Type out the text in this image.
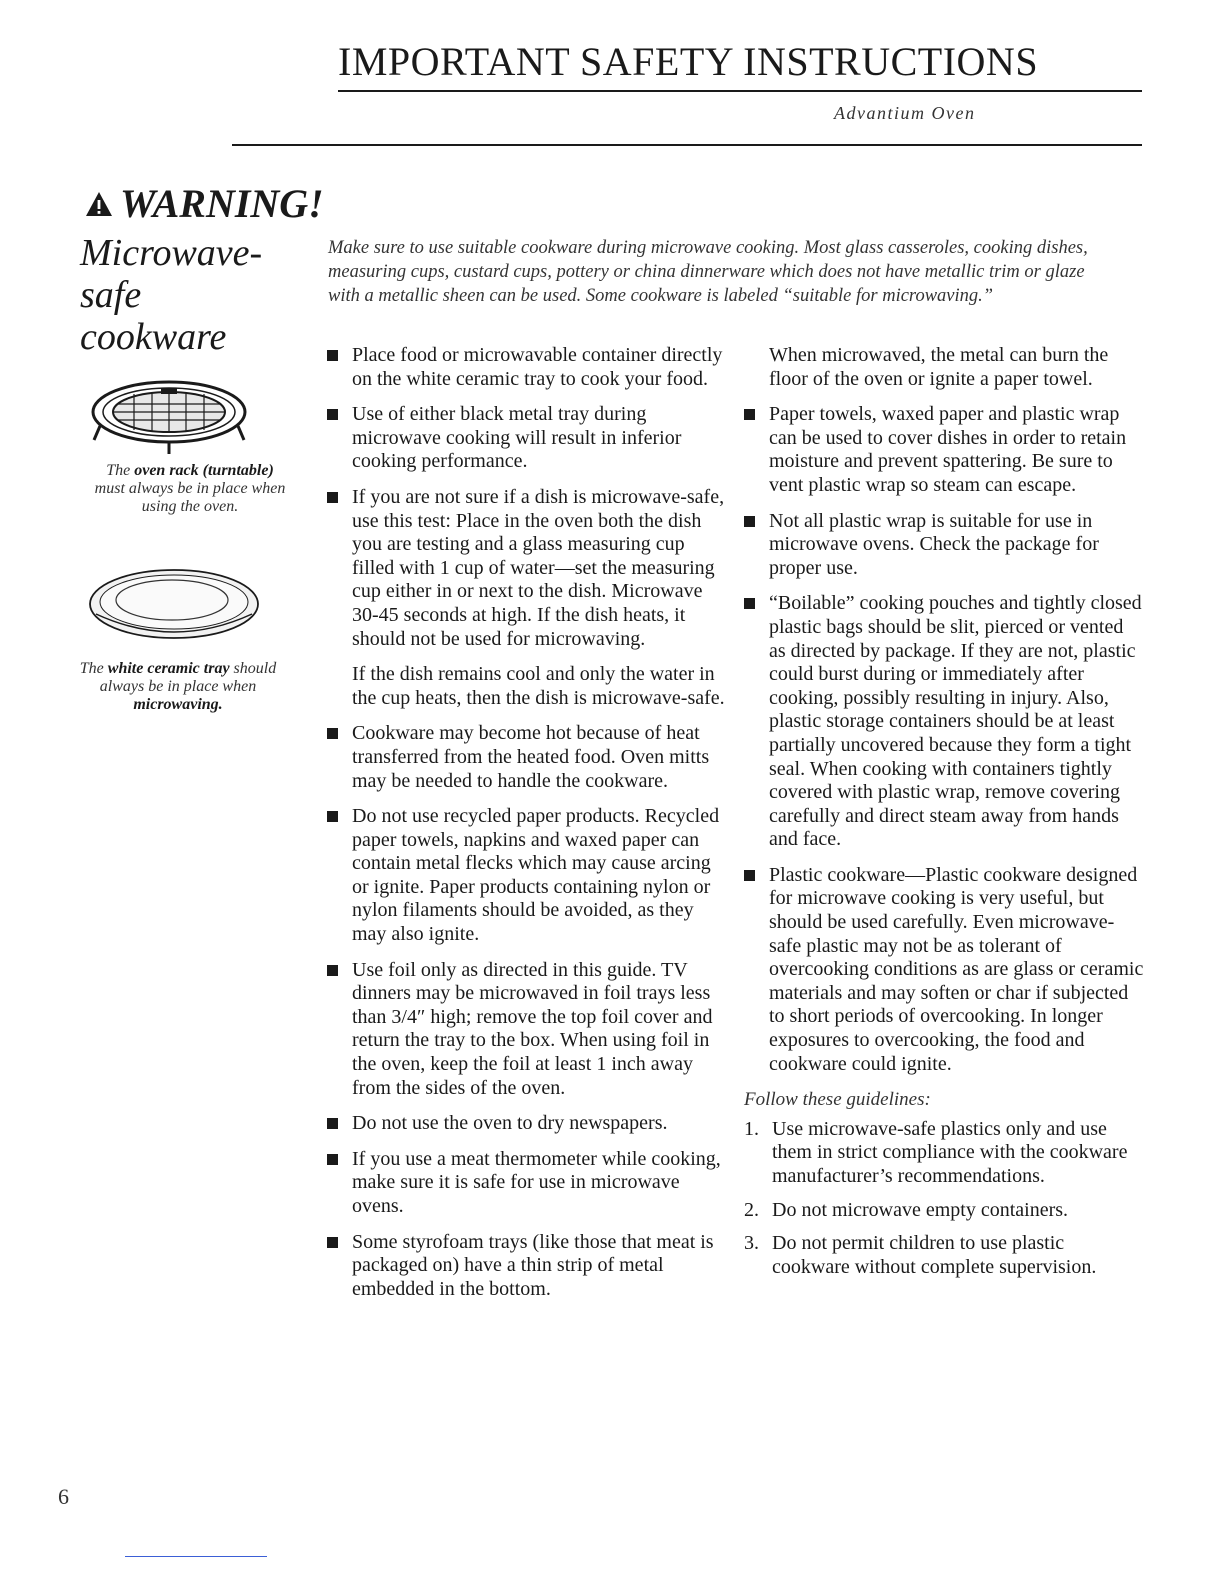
IMPORTANT SAFETY INSTRUCTIONS
Advantium Oven
WARNING!
Microwave-
safe
cookware
The oven rack (turntable) must always be in place when using the oven.
The white ceramic tray should always be in place when microwaving.

Make sure to use suitable cookware during microwave cooking. Most glass casseroles, cooking dishes, measuring cups, custard cups, pottery or china dinnerware which does not have metallic trim or glaze with a metallic sheen can be used. Some cookware is labeled “suitable for microwaving.”

Place food or microwavable container directly on the white ceramic tray to cook your food.

Use of either black metal tray during microwave cooking will result in inferior cooking performance.

If you are not sure if a dish is microwave-safe, use this test: Place in the oven both the dish you are testing and a glass measuring cup filled with 1 cup of water—set the measuring cup either in or next to the dish. Microwave 30-45 seconds at high. If the dish heats, it should not be used for microwaving.

If the dish remains cool and only the water in the cup heats, then the dish is microwave-safe.

Cookware may become hot because of heat transferred from the heated food. Oven mitts may be needed to handle the cookware.

Do not use recycled paper products. Recycled paper towels, napkins and waxed paper can contain metal flecks which may cause arcing or ignite. Paper products containing nylon or nylon filaments should be avoided, as they may also ignite.

Use foil only as directed in this guide. TV dinners may be microwaved in foil trays less than 3/4″ high; remove the top foil cover and return the tray to the box. When using foil in the oven, keep the foil at least 1 inch away from the sides of the oven.

Do not use the oven to dry newspapers.

If you use a meat thermometer while cooking, make sure it is safe for use in microwave ovens.

Some styrofoam trays (like those that meat is packaged on) have a thin strip of metal embedded in the bottom.

When microwaved, the metal can burn the floor of the oven or ignite a paper towel.

Paper towels, waxed paper and plastic wrap can be used to cover dishes in order to retain moisture and prevent spattering. Be sure to vent plastic wrap so steam can escape.

Not all plastic wrap is suitable for use in microwave ovens. Check the package for proper use.

“Boilable” cooking pouches and tightly closed plastic bags should be slit, pierced or vented as directed by package. If they are not, plastic could burst during or immediately after cooking, possibly resulting in injury. Also, plastic storage containers should be at least partially uncovered because they form a tight seal. When cooking with containers tightly covered with plastic wrap, remove covering carefully and direct steam away from hands and face.

Plastic cookware—Plastic cookware designed for microwave cooking is very useful, but should be used carefully. Even microwave-safe plastic may not be as tolerant of overcooking conditions as are glass or ceramic materials and may soften or char if subjected to short periods of overcooking. In longer exposures to overcooking, the food and cookware could ignite.

Follow these guidelines:

1. Use microwave-safe plastics only and use them in strict compliance with the cookware manufacturer’s recommendations.
2. Do not microwave empty containers.
3. Do not permit children to use plastic cookware without complete supervision.
6
